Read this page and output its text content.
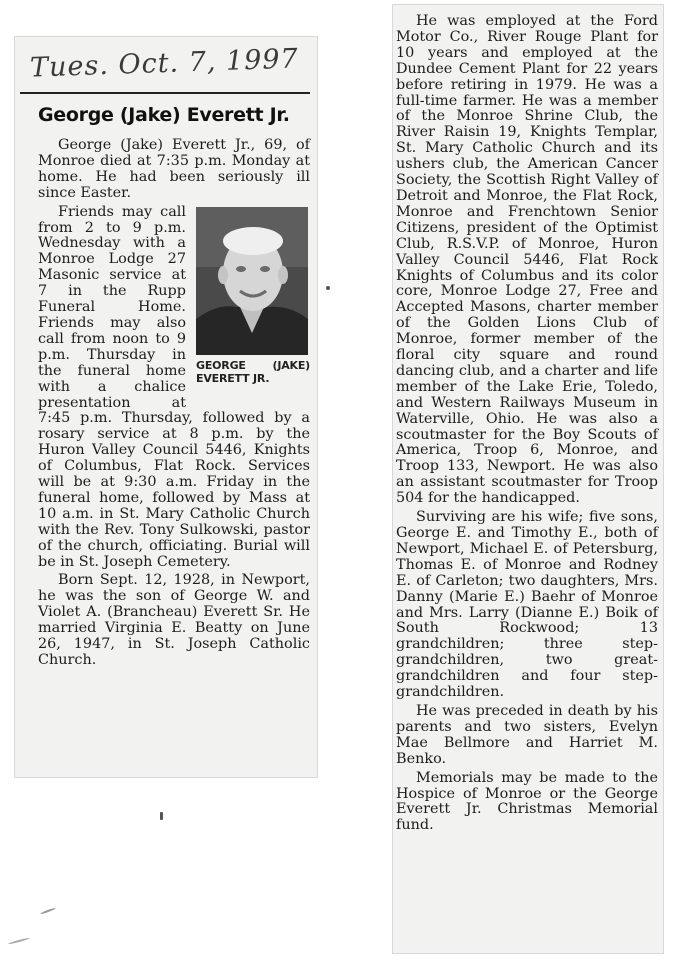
Tues. Oct. 7, 1997
George (Jake) Everett Jr.

George (Jake) Everett Jr., 69, of Monroe died at 7:35 p.m. Monday at home. He had been seriously ill since Easter.

GEORGE (JAKE) EVERETT JR.
Friends may call from 2 to 9 p.m. Wednesday with a Monroe Lodge 27 Masonic service at 7 in the Rupp Funeral Home. Friends may also call from noon to 9 p.m. Thursday in the funeral home with a chalice presentation at 7:45 p.m. Thursday, followed by a rosary service at 8 p.m. by the Huron Valley Council 5446, Knights of Columbus, Flat Rock. Services will be at 9:30 a.m. Friday in the funeral home, followed by Mass at 10 a.m. in St. Mary Catholic Church with the Rev. Tony Sulkowski, pastor of the church, officiating. Burial will be in St. Joseph Cemetery.

Born Sept. 12, 1928, in Newport, he was the son of George W. and Violet A. (Brancheau) Everett Sr. He married Virginia E. Beatty on June 26, 1947, in St. Joseph Catholic Church.

He was employed at the Ford Motor Co., River Rouge Plant for 10 years and employed at the Dundee Cement Plant for 22 years before retiring in 1979. He was a full-time farmer. He was a member of the Monroe Shrine Club, the River Raisin 19, Knights Templar, St. Mary Catholic Church and its ushers club, the American Cancer Society, the Scottish Right Valley of Detroit and Monroe, the Flat Rock, Monroe and Frenchtown Senior Citizens, president of the Optimist Club, R.S.V.P. of Monroe, Huron Valley Council 5446, Flat Rock Knights of Columbus and its color core, Monroe Lodge 27, Free and Accepted Masons, charter member of the Golden Lions Club of Monroe, former member of the floral city square and round dancing club, and a charter and life member of the Lake Erie, Toledo, and Western Railways Museum in Waterville, Ohio. He was also a scoutmaster for the Boy Scouts of America, Troop 6, Monroe, and Troop 133, Newport. He was also an assistant scoutmaster for Troop 504 for the handicapped.

Surviving are his wife; five sons, George E. and Timothy E., both of Newport, Michael E. of Petersburg, Thomas E. of Monroe and Rodney E. of Carleton; two daughters, Mrs. Danny (Marie E.) Baehr of Monroe and Mrs. Larry (Dianne E.) Boik of South Rockwood; 13 grandchildren; three step- grandchildren, two great-grandchildren and four step-grandchildren.

He was preceded in death by his parents and two sisters, Evelyn Mae Bellmore and Harriet M. Benko.

Memorials may be made to the Hospice of Monroe or the George Everett Jr. Christmas Memorial fund.
